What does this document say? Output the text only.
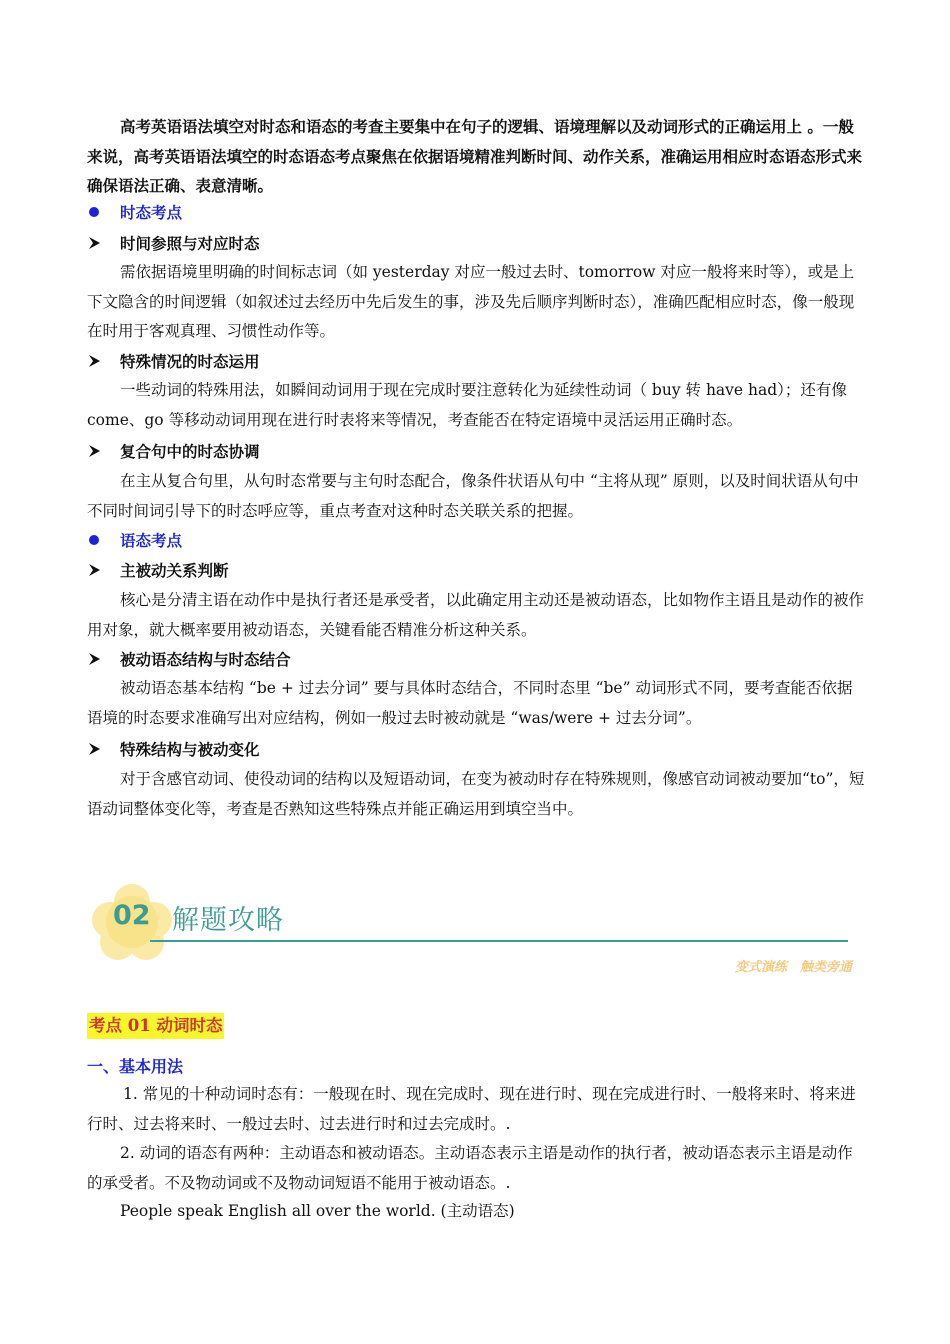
高考英语语法填空对时态和语态的考查主要集中在句子的逻辑、语境理解以及动词形式的正确运用上 。一般来说，高考英语语法填空的时态语态考点聚焦在依据语境精准判断时间、动作关系，准确运用相应时态语态形式来确保语法正确、表意清晰。

时态考点
时间参照与对应时态

需依据语境里明确的时间标志词（如 yesterday 对应一般过去时、tomorrow 对应一般将来时等），或是上下文隐含的时间逻辑（如叙述过去经历中先后发生的事，涉及先后顺序判断时态），准确匹配相应时态，像一般现在时用于客观真理、习惯性动作等。

特殊情况的时态运用

一些动词的特殊用法，如瞬间动词用于现在完成时要注意转化为延续性动词（ buy 转 have had）；还有像 come、go 等移动动词用现在进行时表将来等情况，考查能否在特定语境中灵活运用正确时态。

复合句中的时态协调

在主从复合句里，从句时态常要与主句时态配合，像条件状语从句中 “主将从现” 原则，以及时间状语从句中不同时间词引导下的时态呼应等，重点考查对这种时态关联关系的把握。

语态考点
主被动关系判断

核心是分清主语在动作中是执行者还是承受者，以此确定用主动还是被动语态，比如物作主语且是动作的被作用对象，就大概率要用被动语态，关键看能否精准分析这种关系。

被动语态结构与时态结合

被动语态基本结构 “be + 过去分词” 要与具体时态结合，不同时态里 “be” 动词形式不同，要考查能否依据语境的时态要求准确写出对应结构，例如一般过去时被动就是 “was/were + 过去分词”。

特殊结构与被动变化

对于含感官动词、使役动词的结构以及短语动词，在变为被动时存在特殊规则，像感官动词被动要加“to”，短语动词整体变化等，考查是否熟知这些特殊点并能正确运用到填空当中。

02 解题攻略
变式演练　触类旁通
考点 01 动词时态
一、基本用法

1. 常见的十种动词时态有：一般现在时、现在完成时、现在进行时、现在完成进行时、一般将来时、将来进行时、过去将来时、一般过去时、过去进行时和过去完成时。.

2. 动词的语态有两种：主动语态和被动语态。主动语态表示主语是动作的执行者，被动语态表示主语是动作的承受者。不及物动词或不及物动词短语不能用于被动语态。.

People speak English all over the world. (主动语态)
